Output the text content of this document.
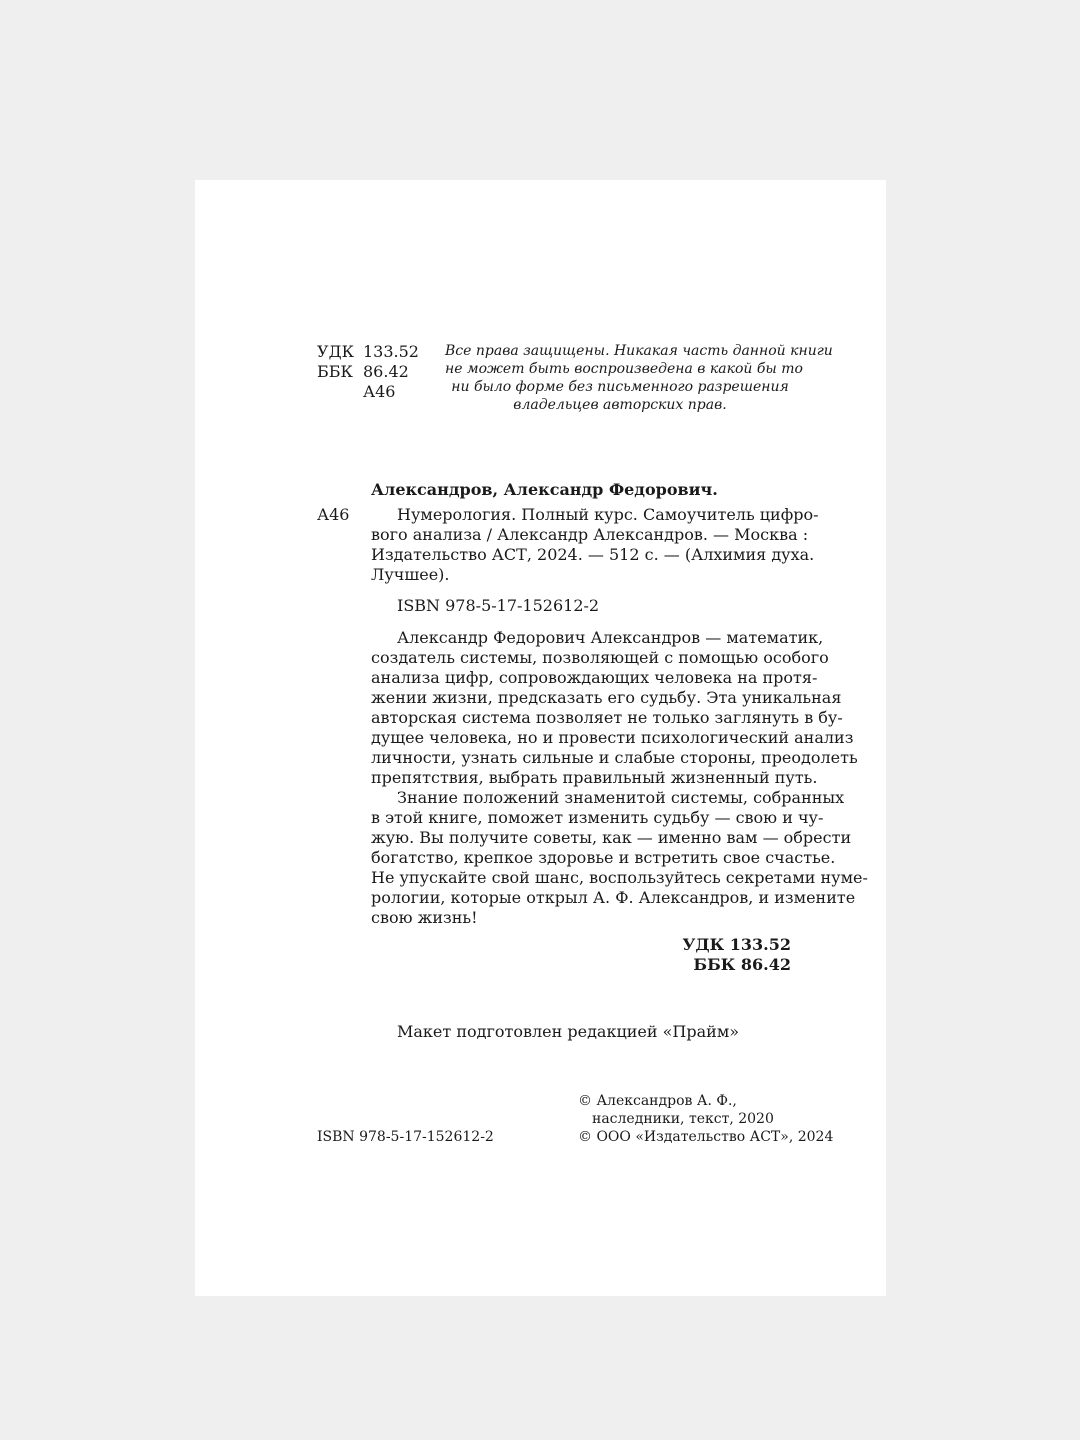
УДК 133.52
ББК 86.42
А46
Все права защищены. Никакая часть данной книги
не может быть воспроизведена в какой бы то
ни было форме без письменного разрешения
владельцев авторских прав.
Александров, Александр Федорович.
А46	Нумерология. Полный курс. Самоучитель цифро-
вого анализа / Александр Александров. — Москва :
Издательство АСТ, 2024. — 512 с. — (Алхимия духа.
Лучшее).
ISBN 978-5-17-152612-2
Александр Федорович Александров — математик,
создатель системы, позволяющей с помощью особого
анализа цифр, сопровождающих человека на протя-
жении жизни, предсказать его судьбу. Эта уникальная
авторская система позволяет не только заглянуть в бу-
дущее человека, но и провести психологический анализ
личности, узнать сильные и слабые стороны, преодолеть
препятствия, выбрать правильный жизненный путь.
Знание положений знаменитой системы, собранных
в этой книге, поможет изменить судьбу — свою и чу-
жую. Вы получите советы, как — именно вам — обрести
богатство, крепкое здоровье и встретить свое счастье.
Не упускайте свой шанс, воспользуйтесь секретами нуме-
рологии, которые открыл А. Ф. Александров, и измените
свою жизнь!
УДК 133.52
ББК 86.42
Макет подготовлен редакцией «Прайм»
ISBN 978-5-17-152612-2
© Александров А. Ф.,
наследники, текст, 2020
© ООО «Издательство АСТ», 2024
